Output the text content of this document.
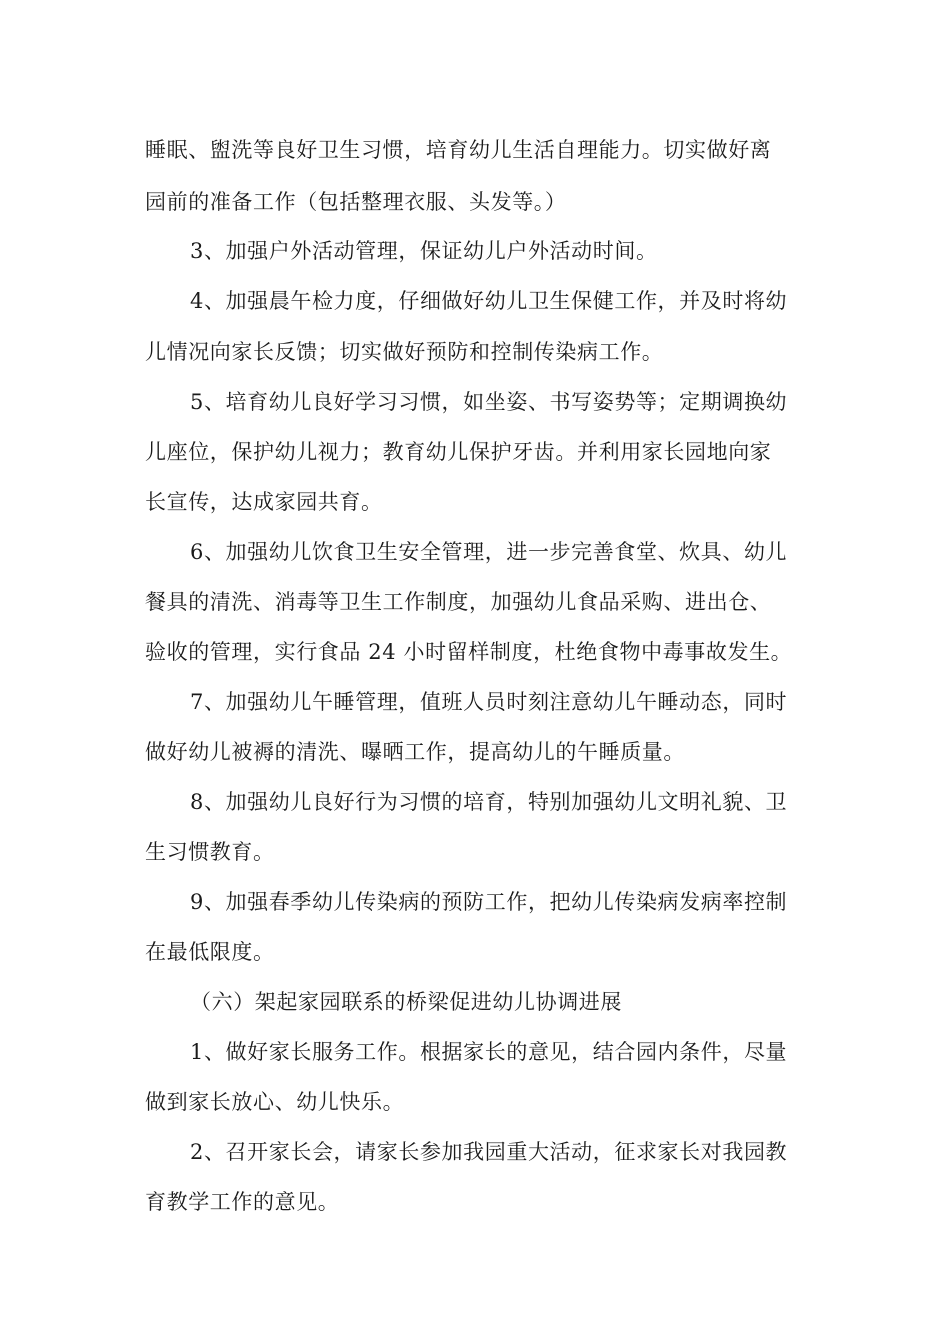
睡眠、盥洗等良好卫生习惯，培育幼儿生活自理能力。切实做好离
园前的准备工作（包括整理衣服、头发等。）
3、加强户外活动管理，保证幼儿户外活动时间。
4、加强晨午检力度，仔细做好幼儿卫生保健工作，并及时将幼
儿情况向家长反馈；切实做好预防和控制传染病工作。
5、培育幼儿良好学习习惯，如坐姿、书写姿势等；定期调换幼
儿座位，保护幼儿视力；教育幼儿保护牙齿。并利用家长园地向家
长宣传，达成家园共育。
6、加强幼儿饮食卫生安全管理，进一步完善食堂、炊具、幼儿
餐具的清洗、消毒等卫生工作制度，加强幼儿食品采购、进出仓、
验收的管理，实行食品 24 小时留样制度，杜绝食物中毒事故发生。
7、加强幼儿午睡管理，值班人员时刻注意幼儿午睡动态，同时
做好幼儿被褥的清洗、曝晒工作，提高幼儿的午睡质量。
8、加强幼儿良好行为习惯的培育，特别加强幼儿文明礼貌、卫
生习惯教育。
9、加强春季幼儿传染病的预防工作，把幼儿传染病发病率控制
在最低限度。
（六）架起家园联系的桥梁促进幼儿协调进展
1、做好家长服务工作。根据家长的意见，结合园内条件，尽量
做到家长放心、幼儿快乐。
2、召开家长会，请家长参加我园重大活动，征求家长对我园教
育教学工作的意见。
